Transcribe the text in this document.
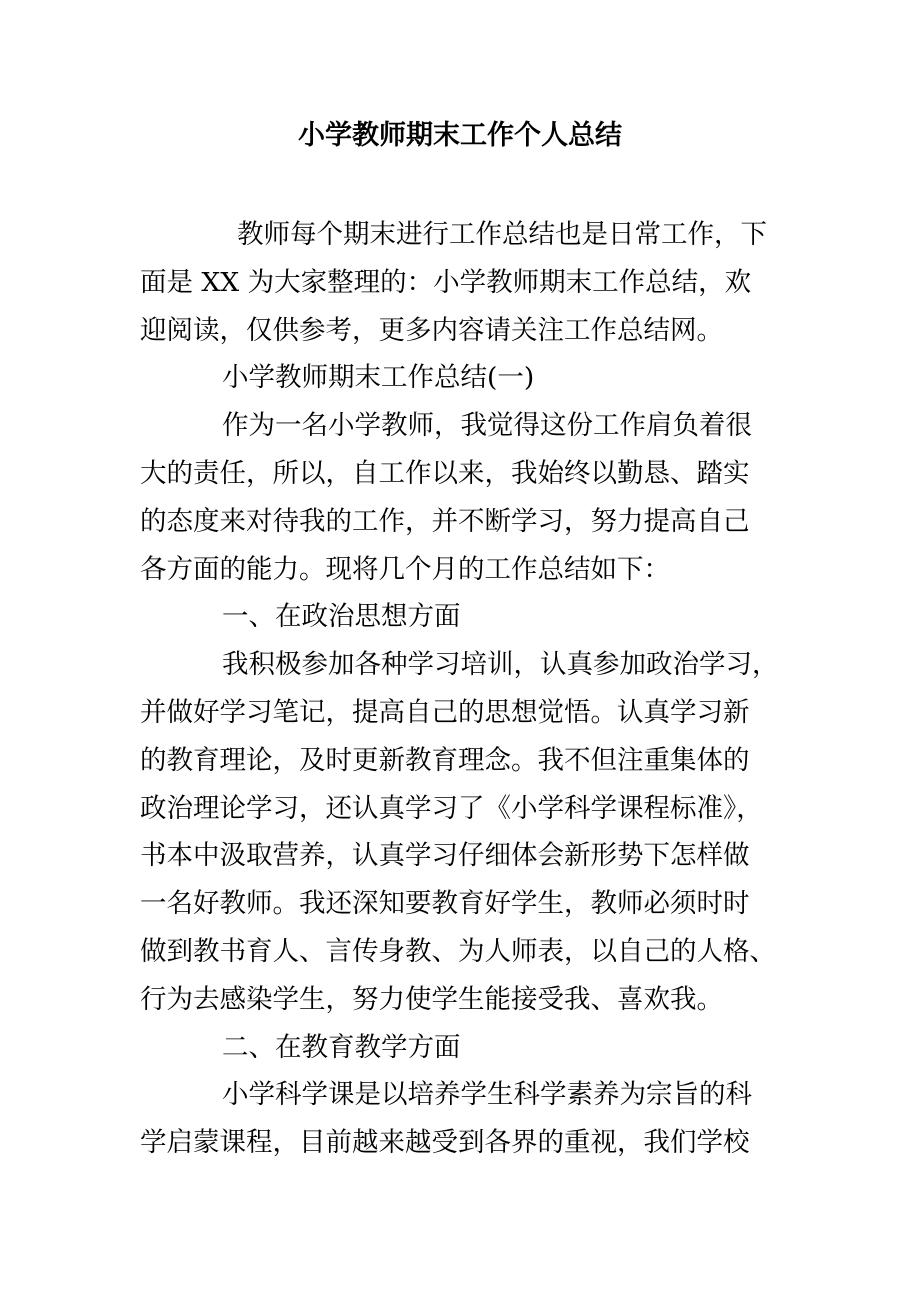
小学教师期末工作个人总结
教师每个期末进行工作总结也是日常工作，下
面是 XX 为大家整理的：小学教师期末工作总结，欢
迎阅读，仅供参考，更多内容请关注工作总结网。
小学教师期末工作总结(一)
作为一名小学教师，我觉得这份工作肩负着很
大的责任，所以，自工作以来，我始终以勤恳、踏实
的态度来对待我的工作，并不断学习，努力提高自己
各方面的能力。现将几个月的工作总结如下：
一、在政治思想方面
我积极参加各种学习培训，认真参加政治学习，
并做好学习笔记，提高自己的思想觉悟。认真学习新
的教育理论，及时更新教育理念。我不但注重集体的
政治理论学习，还认真学习了《小学科学课程标准》，
书本中汲取营养，认真学习仔细体会新形势下怎样做
一名好教师。我还深知要教育好学生，教师必须时时
做到教书育人、言传身教、为人师表，以自己的人格、
行为去感染学生，努力使学生能接受我、喜欢我。
二、在教育教学方面
小学科学课是以培养学生科学素养为宗旨的科
学启蒙课程，目前越来越受到各界的重视，我们学校
